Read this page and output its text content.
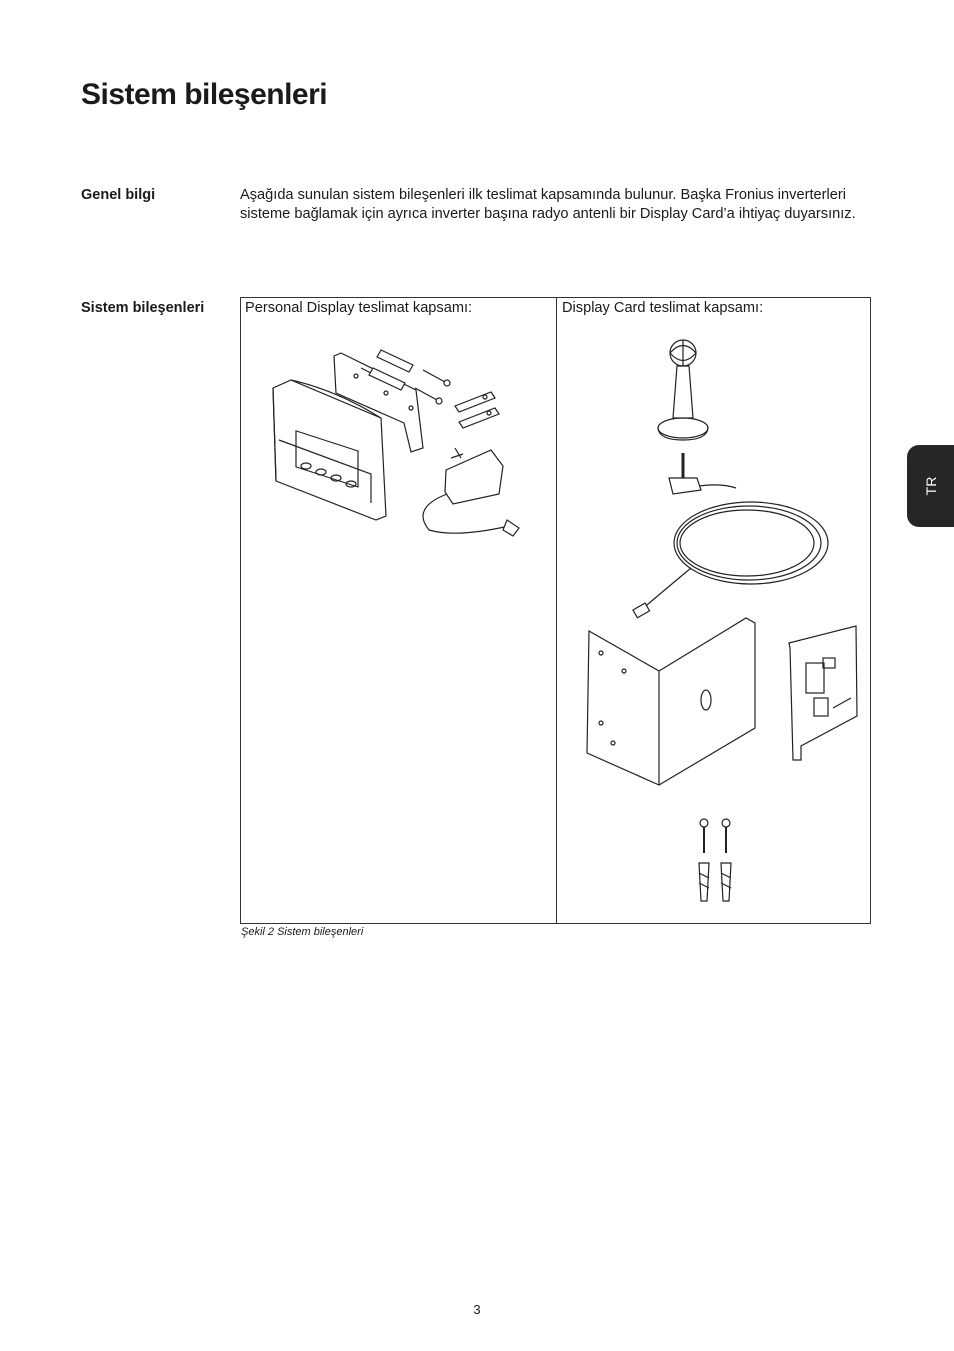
Sistem bileşenleri
Genel bilgi	Aşağıda sunulan sistem bileşenleri ilk teslimat kapsamında bulunur. Başka Fronius inverterleri sisteme bağlamak için ayrıca inverter başına radyo antenli bir Display Card’a ihtiyaç duyarsınız.

Sistem bileşenleri	Personal Display teslimat kapsamı:	Display Card teslimat kapsamı:
Şekil 2 Sistem bileşenleri
TR
3
